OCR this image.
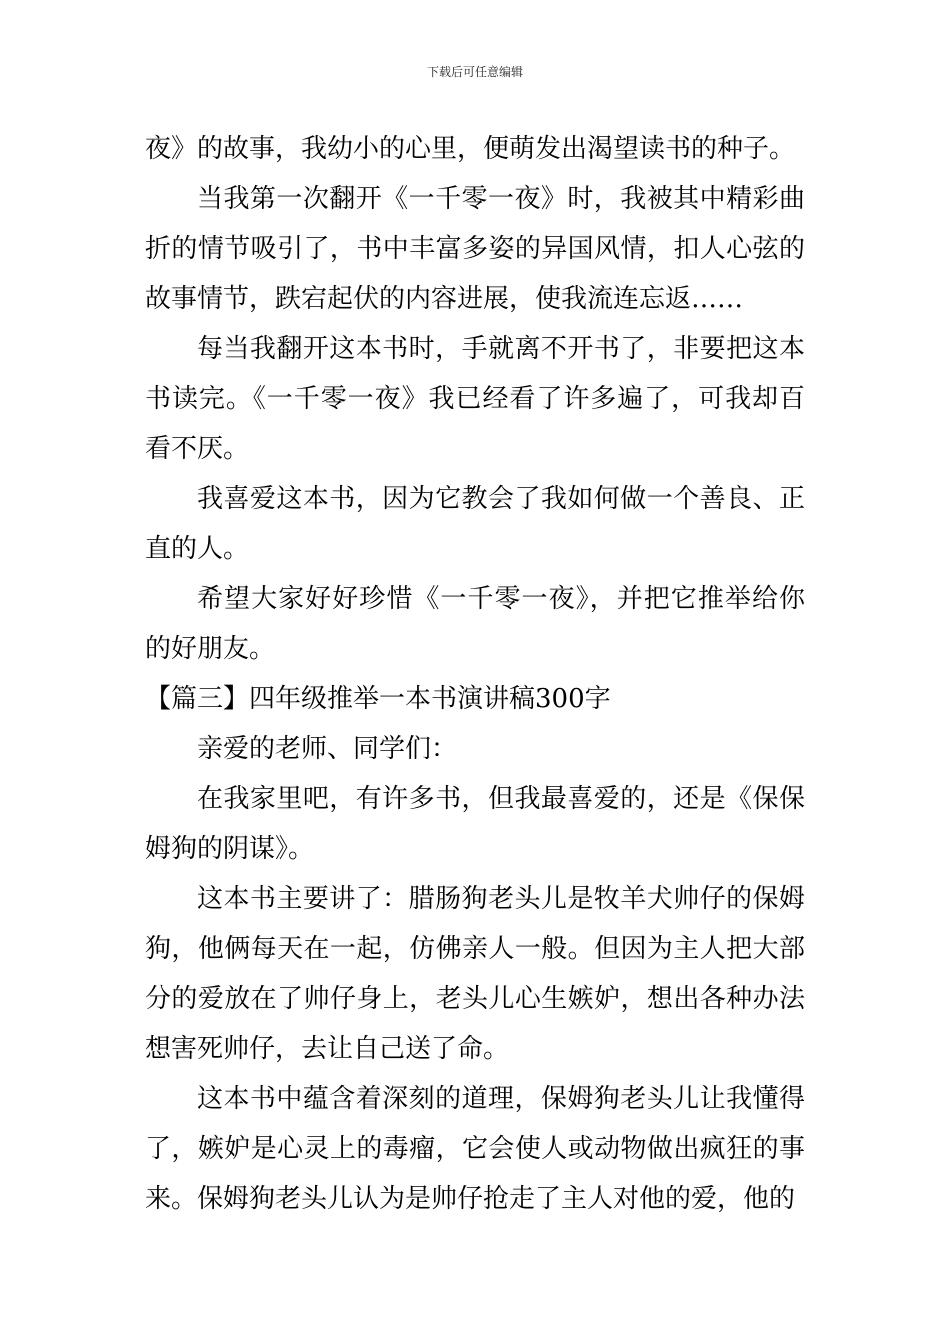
下载后可任意编辑

夜》的故事，我幼小的心里，便萌发出渴望读书的种子。

当我第一次翻开《一千零一夜》时，我被其中精彩曲折的情节吸引了，书中丰富多姿的异国风情，扣人心弦的故事情节，跌宕起伏的内容进展，使我流连忘返……

每当我翻开这本书时，手就离不开书了，非要把这本书读完。《一千零一夜》我已经看了许多遍了，可我却百看不厌。

我喜爱这本书，因为它教会了我如何做一个善良、正直的人。

希望大家好好珍惜《一千零一夜》，并把它推举给你的好朋友。

【篇三】四年级推举一本书演讲稿300字

亲爱的老师、同学们：

在我家里吧，有许多书，但我最喜爱的，还是《保保姆狗的阴谋》。

这本书主要讲了：腊肠狗老头儿是牧羊犬帅仔的保姆狗，他俩每天在一起，仿佛亲人一般。但因为主人把大部分的爱放在了帅仔身上，老头儿心生嫉妒，想出各种办法想害死帅仔，去让自己送了命。

这本书中蕴含着深刻的道理，保姆狗老头儿让我懂得了，嫉妒是心灵上的毒瘤，它会使人或动物做出疯狂的事来。保姆狗老头儿认为是帅仔抢走了主人对他的爱，他的
